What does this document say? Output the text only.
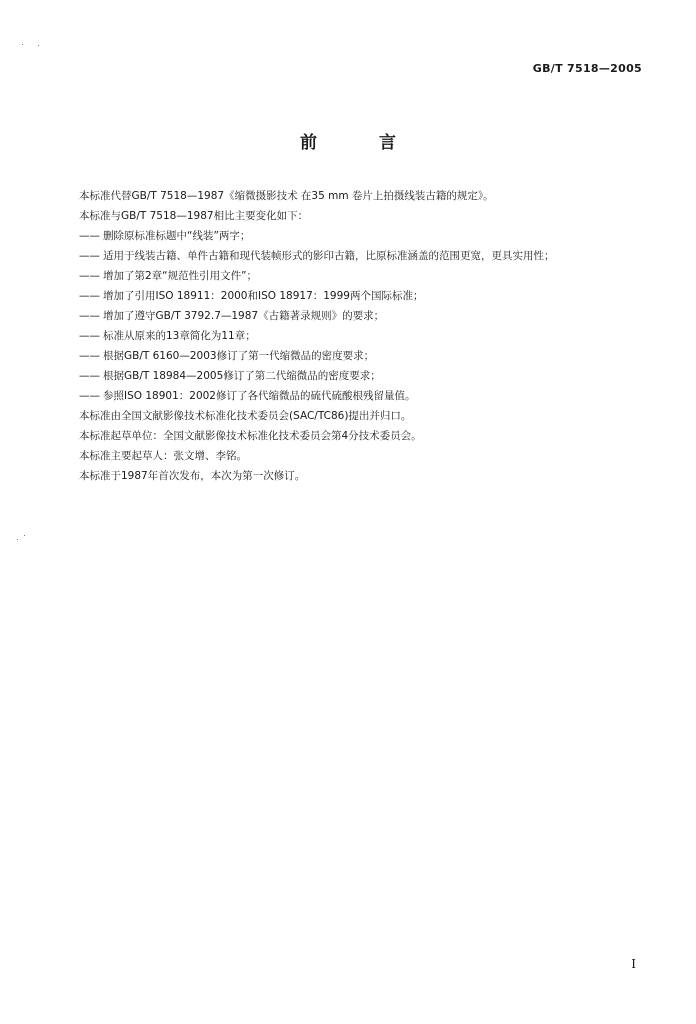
GB/T 7518—2005
前 言

本标准代替GB/T 7518—1987《缩微摄影技术 在35 mm 卷片上拍摄线装古籍的规定》。

本标准与GB/T 7518—1987相比主要变化如下：

—— 删除原标准标题中“线装”两字；
—— 适用于线装古籍、单件古籍和现代装帧形式的影印古籍，比原标准涵盖的范围更宽，更具实用性；
—— 增加了第2章“规范性引用文件”；
—— 增加了引用ISO 18911：2000和ISO 18917：1999两个国际标准；
—— 增加了遵守GB/T 3792.7—1987《古籍著录规则》的要求；
—— 标准从原来的13章简化为11章；
—— 根据GB/T 6160—2003修订了第一代缩微品的密度要求；
—— 根据GB/T 18984—2005修订了第二代缩微品的密度要求；
—— 参照ISO 18901：2002修订了各代缩微品的硫代硫酸根残留量值。

本标准由全国文献影像技术标准化技术委员会(SAC/TC86)提出并归口。

本标准起草单位：全国文献影像技术标准化技术委员会第4分技术委员会。

本标准主要起草人：张文增、李铭。

本标准于1987年首次发布，本次为第一次修订。

I
